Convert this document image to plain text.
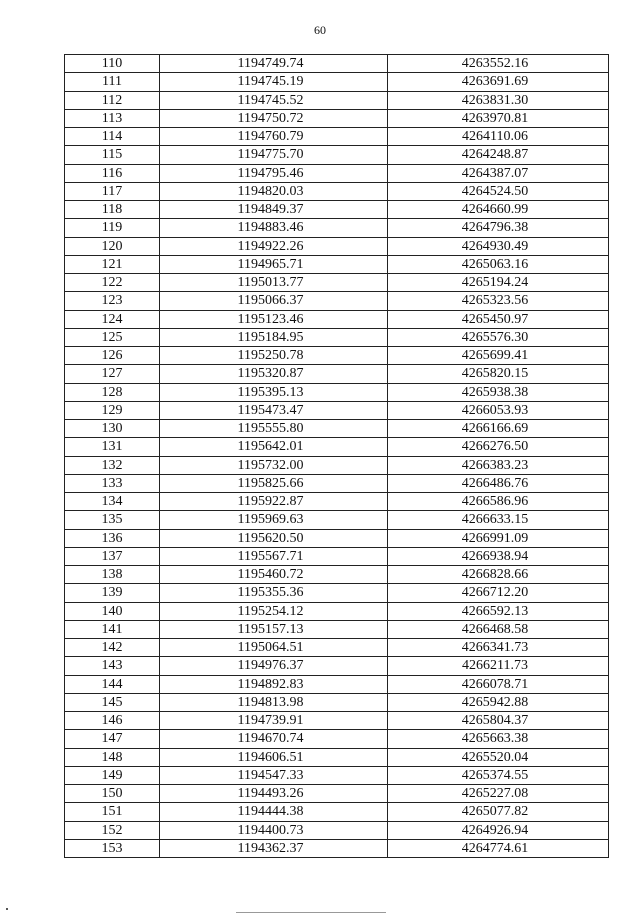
60
110	1194749.74	4263552.16
111	1194745.19	4263691.69
112	1194745.52	4263831.30
113	1194750.72	4263970.81
114	1194760.79	4264110.06
115	1194775.70	4264248.87
116	1194795.46	4264387.07
117	1194820.03	4264524.50
118	1194849.37	4264660.99
119	1194883.46	4264796.38
120	1194922.26	4264930.49
121	1194965.71	4265063.16
122	1195013.77	4265194.24
123	1195066.37	4265323.56
124	1195123.46	4265450.97
125	1195184.95	4265576.30
126	1195250.78	4265699.41
127	1195320.87	4265820.15
128	1195395.13	4265938.38
129	1195473.47	4266053.93
130	1195555.80	4266166.69
131	1195642.01	4266276.50
132	1195732.00	4266383.23
133	1195825.66	4266486.76
134	1195922.87	4266586.96
135	1195969.63	4266633.15
136	1195620.50	4266991.09
137	1195567.71	4266938.94
138	1195460.72	4266828.66
139	1195355.36	4266712.20
140	1195254.12	4266592.13
141	1195157.13	4266468.58
142	1195064.51	4266341.73
143	1194976.37	4266211.73
144	1194892.83	4266078.71
145	1194813.98	4265942.88
146	1194739.91	4265804.37
147	1194670.74	4265663.38
148	1194606.51	4265520.04
149	1194547.33	4265374.55
150	1194493.26	4265227.08
151	1194444.38	4265077.82
152	1194400.73	4264926.94
153	1194362.37	4264774.61
